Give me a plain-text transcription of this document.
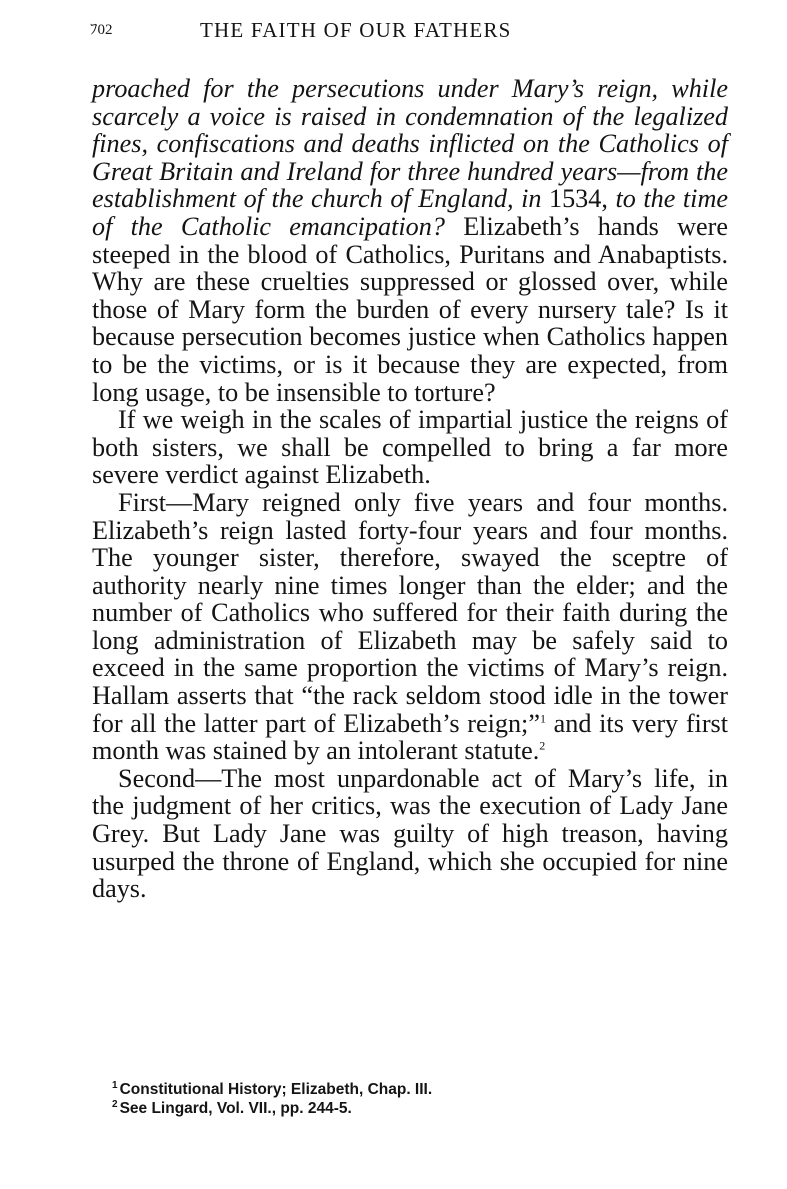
ﾌ02	THE FAITH OF OUR FATHERS

proached for the persecutions under Mary’s reign, while scarcely a voice is raised in condemnation of the legalized fines, confiscations and deaths inflicted on the Catholics of Great Britain and Ireland for three hundred years—from the establishment of the church of England, in 1534, to the time of the Catholic emancipation? Elizabeth’s hands were steeped in the blood of Catholics, Puritans and Anabaptists. Why are these cruelties suppressed or glossed over, while those of Mary form the burden of every nursery tale? Is it because persecution becomes justice when Catholics happen to be the victims, or is it because they are expected, from long usage, to be insensible to torture?

If we weigh in the scales of impartial justice the reigns of both sisters, we shall be compelled to bring a far more severe verdict against Elizabeth.

First—Mary reigned only five years and four months. Elizabeth’s reign lasted forty-four years and four months. The younger sister, therefore, swayed the sceptre of authority nearly nine times longer than the elder; and the number of Catholics who suffered for their faith during the long administration of Elizabeth may be safely said to exceed in the same proportion the victims of Mary’s reign. Hallam asserts that “the rack seldom stood idle in the tower for all the latter part of Elizabeth’s reign;”$^1$ and its very first month was stained by an intolerant statute.$^2$

Second—The most unpardonable act of Mary’s life, in the judgment of her critics, was the execution of Lady Jane Grey. But Lady Jane was guilty of high treason, having usurped the throne of England, which she occupied for nine days.

$^1$ Constitutional History; Elizabeth, Chap. III.
$^2$ See Lingard, Vol. VII., pp. 244-5.
